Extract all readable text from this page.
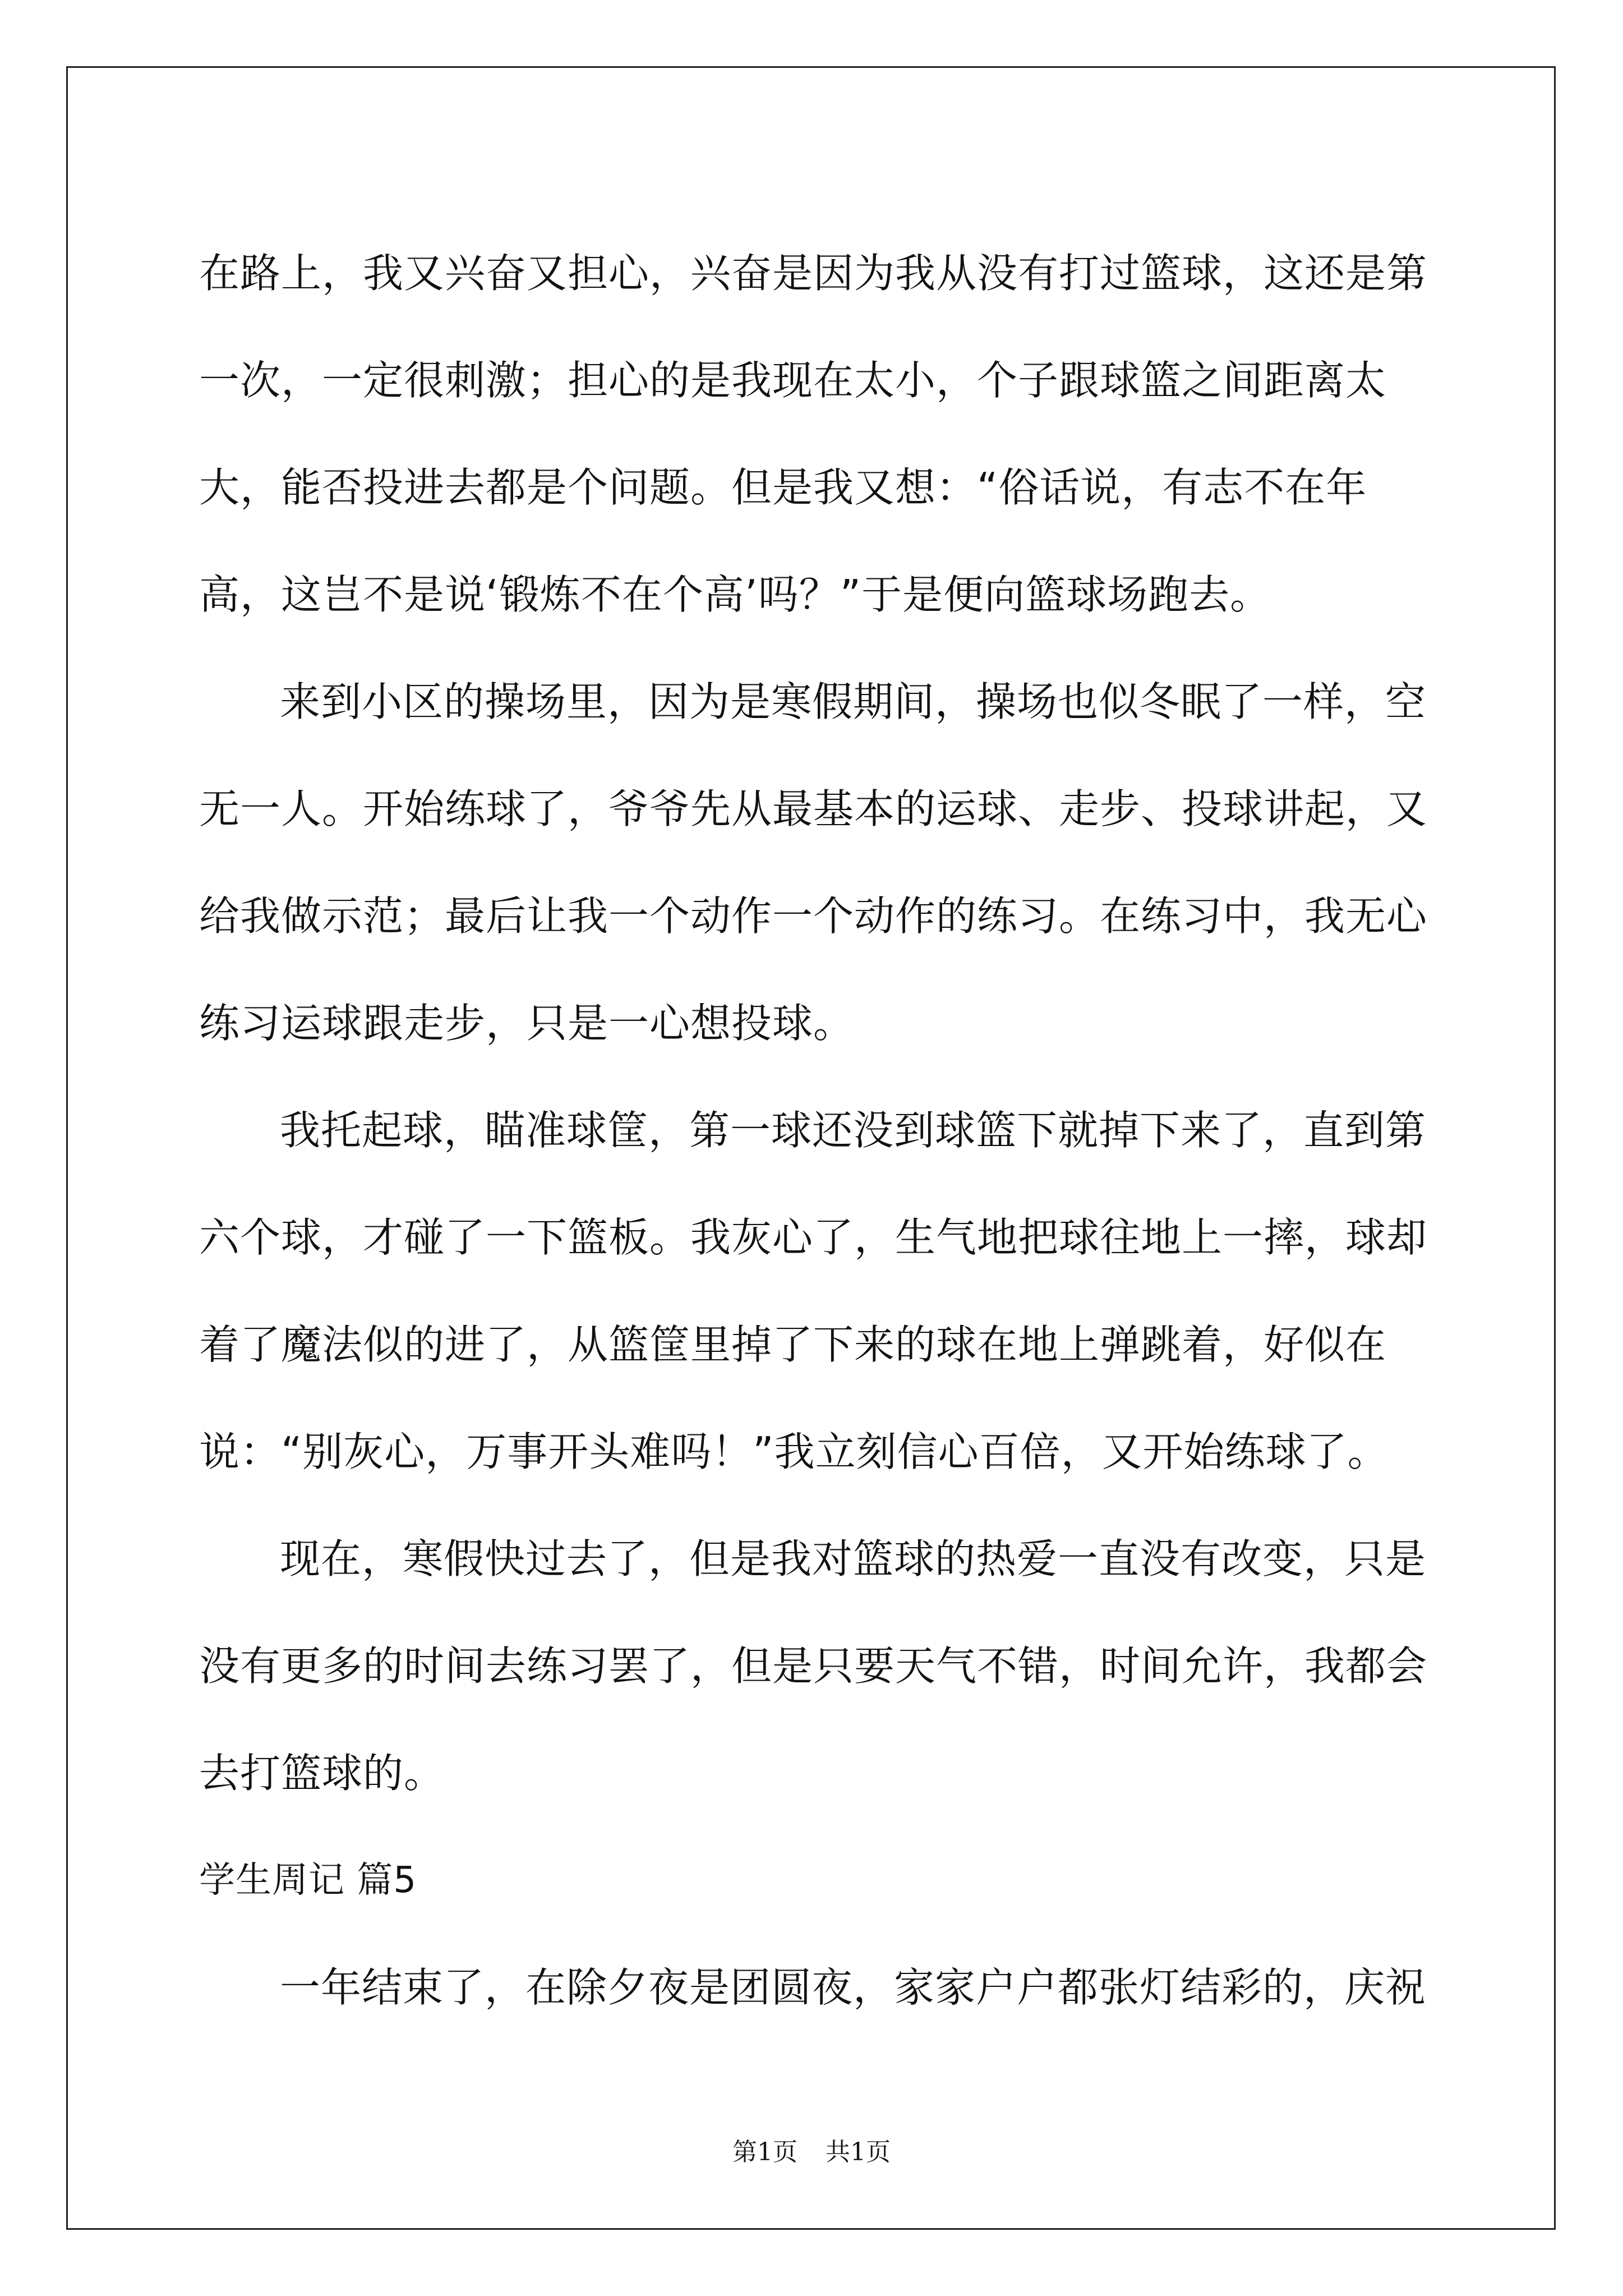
在路上，我又兴奋又担心，兴奋是因为我从没有打过篮球，这还是第一次，一定很刺激；担心的是我现在太小，个子跟球篮之间距离太大，能否投进去都是个问题。但是我又想：“俗话说，有志不在年高，这岂不是说‘锻炼不在个高’吗？”于是便向篮球场跑去。

来到小区的操场里，因为是寒假期间，操场也似冬眠了一样，空无一人。开始练球了，爷爷先从最基本的运球、走步、投球讲起，又给我做示范；最后让我一个动作一个动作的练习。在练习中，我无心练习运球跟走步，只是一心想投球。

我托起球，瞄准球筐，第一球还没到球篮下就掉下来了，直到第六个球，才碰了一下篮板。我灰心了，生气地把球往地上一摔，球却着了魔法似的进了，从篮筐里掉了下来的球在地上弹跳着，好似在说：“别灰心，万事开头难吗！”我立刻信心百倍，又开始练球了。

现在，寒假快过去了，但是我对篮球的热爱一直没有改变，只是没有更多的时间去练习罢了，但是只要天气不错，时间允许，我都会去打篮球的。

学生周记 篇5

一年结束了，在除夕夜是团圆夜，家家户户都张灯结彩的，庆祝

第1页 共1页
